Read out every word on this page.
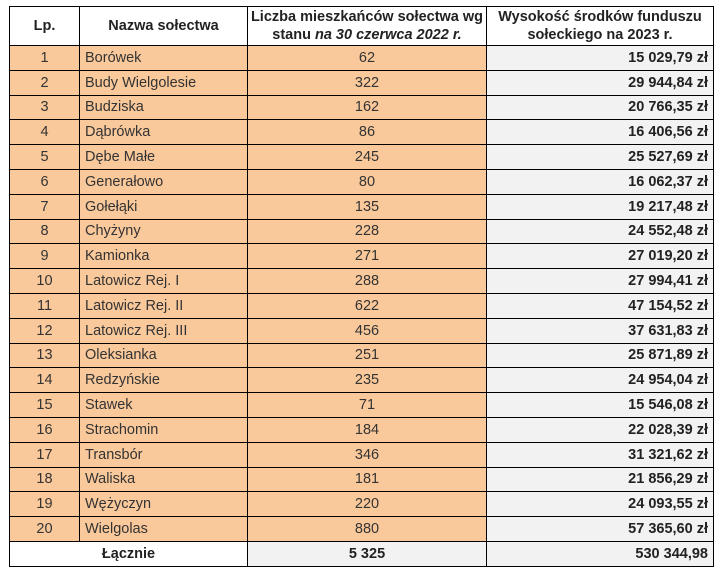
Lp.	Nazwa sołectwa	Liczba mieszkańców sołectwa wg
stanu na 30 czerwca 2022 r.	Wysokość środków funduszu
sołeckiego na 2023 r.

1	Borówek	62	15 029,79 zł
2	Budy Wielgolesie	322	29 944,84 zł
3	Budziska	162	20 766,35 zł
4	Dąbrówka	86	16 406,56 zł
5	Dębe Małe	245	25 527,69 zł
6	Generałowo	80	16 062,37 zł
7	Gołełąki	135	19 217,48 zł
8	Chyżyny	228	24 552,48 zł
9	Kamionka	271	27 019,20 zł
10	Latowicz Rej. I	288	27 994,41 zł
11	Latowicz Rej. II	622	47 154,52 zł
12	Latowicz Rej. III	456	37 631,83 zł
13	Oleksianka	251	25 871,89 zł
14	Redzyńskie	235	24 954,04 zł
15	Stawek	71	15 546,08 zł
16	Strachomin	184	22 028,39 zł
17	Transbór	346	31 321,62 zł
18	Waliska	181	21 856,29 zł
19	Wężyczyn	220	24 093,55 zł
20	Wielgolas	880	57 365,60 zł
Łącznie		5 325	530 344,98
